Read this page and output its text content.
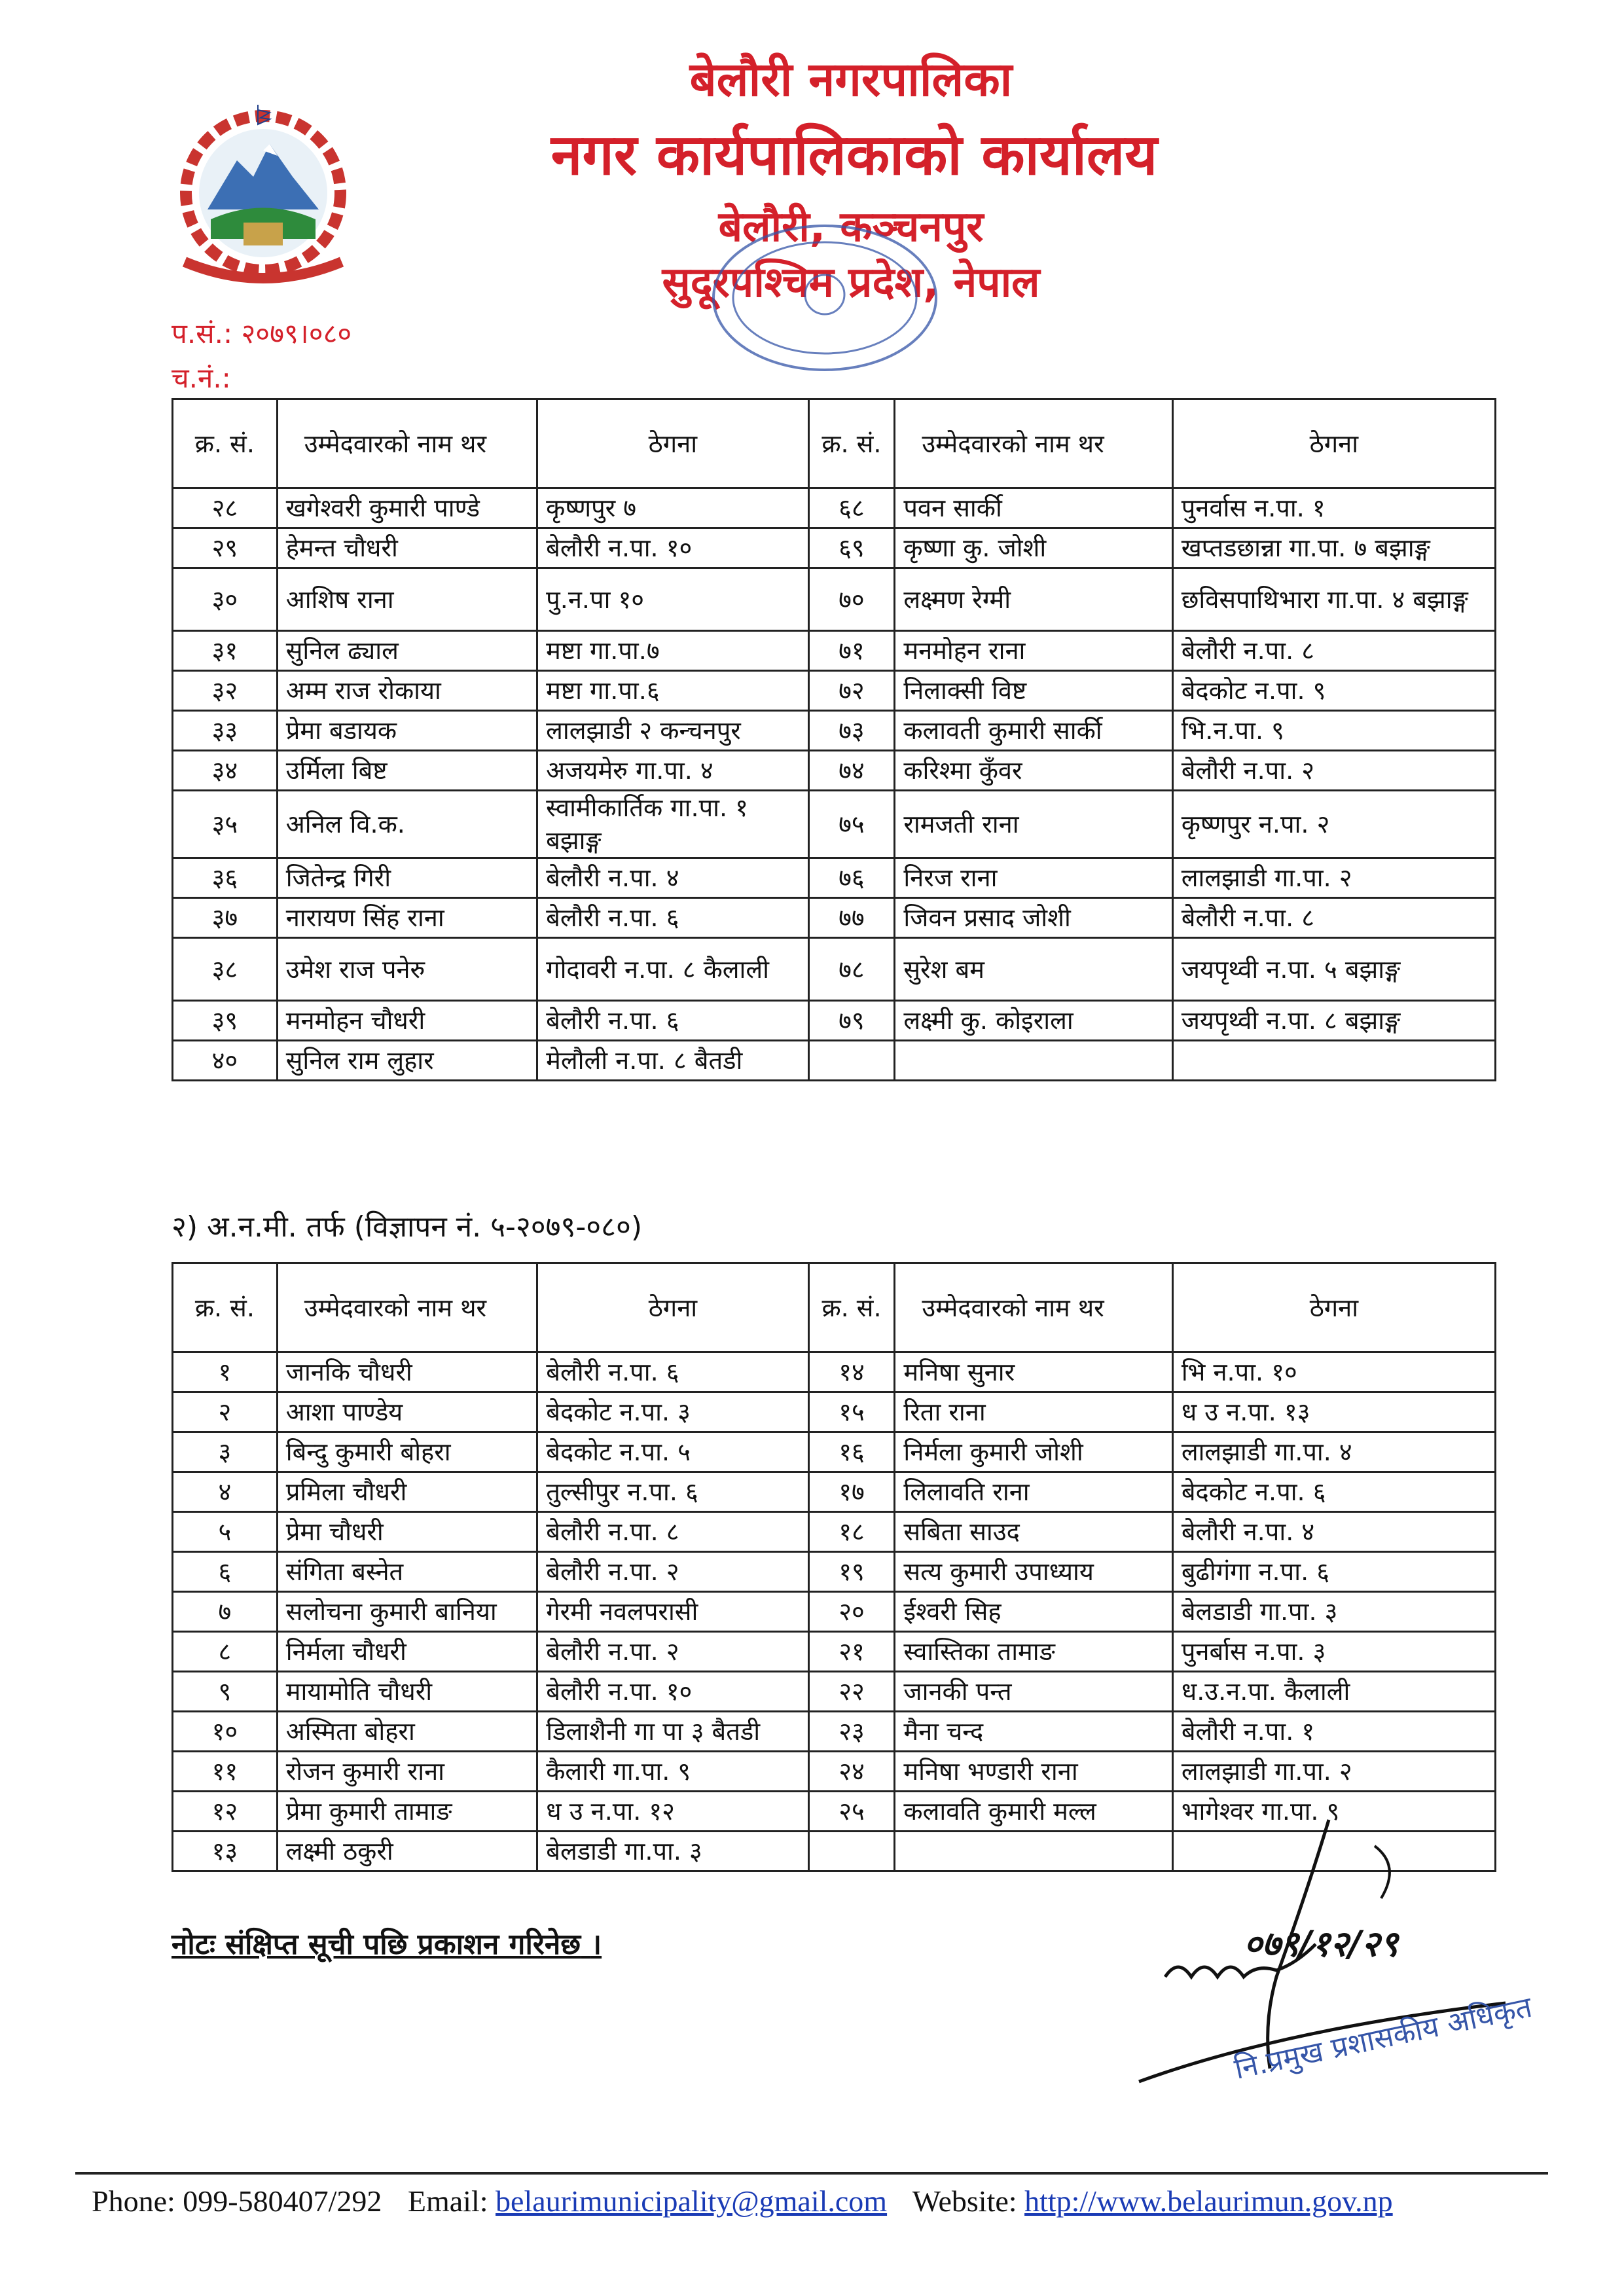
बेलौरी नगरपालिका
नगर कार्यपालिकाको कार्यालय
बेलौरी, कञ्चनपुर
सुदूरपश्चिम प्रदेश, नेपाल
प.सं.: २०७९।०८०
च.नं.:
क्र. सं.	उम्मेदवारको नाम थर	ठेगना	क्र. सं.	उम्मेदवारको नाम थर	ठेगना
२८	खगेश्वरी कुमारी पाण्डे	कृष्णपुर ७	६८	पवन सार्की	पुनर्वास न.पा. १
२९	हेमन्त चौधरी	बेलौरी न.पा. १०	६९	कृष्णा कु. जोशी	खप्तडछान्ना गा.पा. ७ बझाङ्ग
३०	आशिष राना	पु.न.पा १०	७०	लक्ष्मण रेग्मी	छविसपाथिभारा गा.पा. ४ बझाङ्ग
३१	सुनिल ढ्याल	मष्टा गा.पा.७	७१	मनमोहन राना	बेलौरी न.पा. ८
३२	अम्म राज रोकाया	मष्टा गा.पा.६	७२	निलाक्सी विष्ट	बेदकोट न.पा. ९
३३	प्रेमा बडायक	लालझाडी २ कन्चनपुर	७३	कलावती कुमारी सार्की	भि.न.पा. ९
३४	उर्मिला बिष्ट	अजयमेरु गा.पा. ४	७४	करिश्मा कुँवर	बेलौरी न.पा. २
३५	अनिल वि.क.	स्वामीकार्तिक गा.पा. १ बझाङ्ग	७५	रामजती राना	कृष्णपुर न.पा. २
३६	जितेन्द्र गिरी	बेलौरी न.पा. ४	७६	निरज राना	लालझाडी गा.पा. २
३७	नारायण सिंह राना	बेलौरी न.पा. ६	७७	जिवन प्रसाद जोशी	बेलौरी न.पा. ८
३८	उमेश राज पनेरु	गोदावरी न.पा. ८ कैलाली	७८	सुरेश बम	जयपृथ्वी न.पा. ५ बझाङ्ग
३९	मनमोहन चौधरी	बेलौरी न.पा. ६	७९	लक्ष्मी कु. कोइराला	जयपृथ्वी न.पा. ८ बझाङ्ग
४०	सुनिल राम लुहार	मेलौली न.पा. ८ बैतडी			
२) अ.न.मी. तर्फ (विज्ञापन नं. ५-२०७९-०८०)
क्र. सं.	उम्मेदवारको नाम थर	ठेगना	क्र. सं.	उम्मेदवारको नाम थर	ठेगना
१	जानकि चौधरी	बेलौरी न.पा. ६	१४	मनिषा सुनार	भि न.पा. १०
२	आशा पाण्डेय	बेदकोट न.पा. ३	१५	रिता राना	ध उ न.पा. १३
३	बिन्दु कुमारी बोहरा	बेदकोट न.पा. ५	१६	निर्मला कुमारी जोशी	लालझाडी गा.पा. ४
४	प्रमिला चौधरी	तुल्सीपुर न.पा. ६	१७	लिलावति राना	बेदकोट न.पा. ६
५	प्रेमा चौधरी	बेलौरी न.पा. ८	१८	सबिता साउद	बेलौरी न.पा. ४
६	संगिता बस्नेत	बेलौरी न.पा. २	१९	सत्य कुमारी उपाध्याय	बुढीगंगा न.पा. ६
७	सलोचना कुमारी बानिया	गेरमी नवलपरासी	२०	ईश्वरी सिह	बेलडाडी गा.पा. ३
८	निर्मला चौधरी	बेलौरी न.पा. २	२१	स्वास्तिका तामाङ	पुनर्बास न.पा. ३
९	मायामोति चौधरी	बेलौरी न.पा. १०	२२	जानकी पन्त	ध.उ.न.पा. कैलाली
१०	अस्मिता बोहरा	डिलाशैनी गा पा ३ बैतडी	२३	मैना चन्द	बेलौरी न.पा. १
११	रोजन कुमारी राना	कैलारी गा.पा. ९	२४	मनिषा भण्डारी राना	लालझाडी गा.पा. २
१२	प्रेमा कुमारी तामाङ	ध उ न.पा. १२	२५	कलावति कुमारी मल्ल	भागेश्वर गा.पा. ९
१३	लक्ष्मी ठकुरी	बेलडाडी गा.पा. ३			
नोटः संक्षिप्त सूची पछि प्रकाशन गरिनेछ ।	०७९/१२/२९
नि.प्रमुख प्रशासकीय अधिकृत
Phone: 099-580407/292 Email: belaurimunicipality@gmail.com Website: http://www.belaurimun.gov.np
